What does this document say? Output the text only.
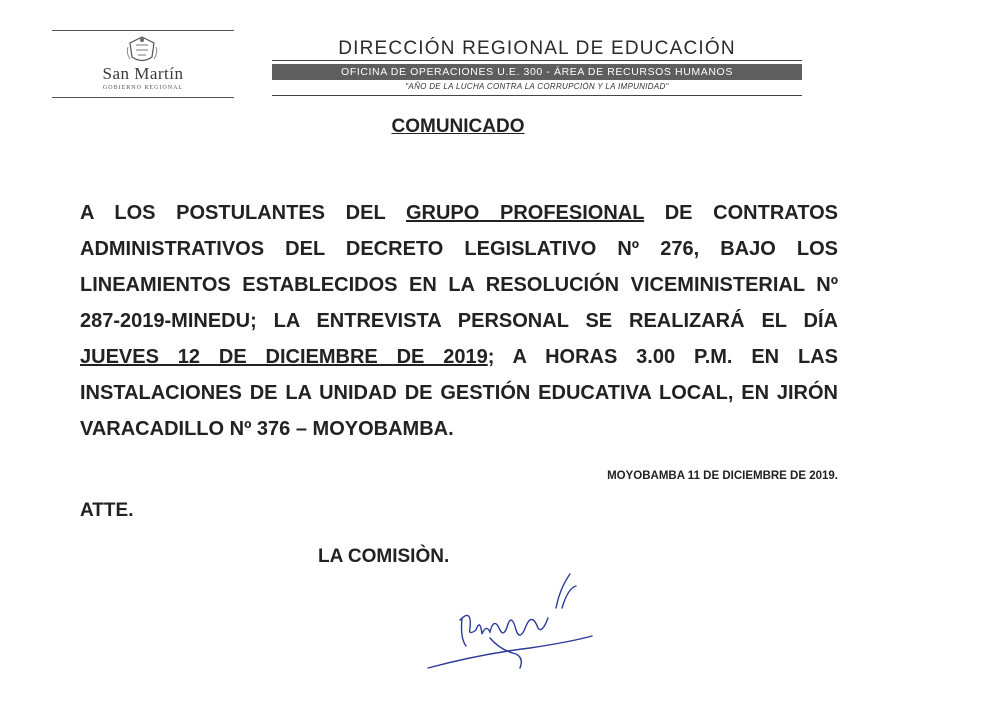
San Martín
GOBIERNO REGIONAL
DIRECCIÓN REGIONAL DE EDUCACIÓN
OFICINA DE OPERACIONES U.E. 300 - ÁREA DE RECURSOS HUMANOS
"AÑO DE LA LUCHA CONTRA LA CORRUPCIÓN Y LA IMPUNIDAD"
COMUNICADO
A LOS POSTULANTES DEL GRUPO PROFESIONAL DE CONTRATOS ADMINISTRATIVOS DEL DECRETO LEGISLATIVO Nº 276, BAJO LOS LINEAMIENTOS ESTABLECIDOS EN LA RESOLUCIÓN VICEMINISTERIAL Nº 287-2019-MINEDU; LA ENTREVISTA PERSONAL SE REALIZARÁ EL DÍA JUEVES 12 DE DICIEMBRE DE 2019; A HORAS 3.00 P.M. EN LAS INSTALACIONES DE LA UNIDAD DE GESTIÓN EDUCATIVA LOCAL, EN JIRÓN VARACADILLO Nº 376 – MOYOBAMBA.
MOYOBAMBA 11 DE DICIEMBRE DE 2019.
ATTE.
LA COMISIÒN.
